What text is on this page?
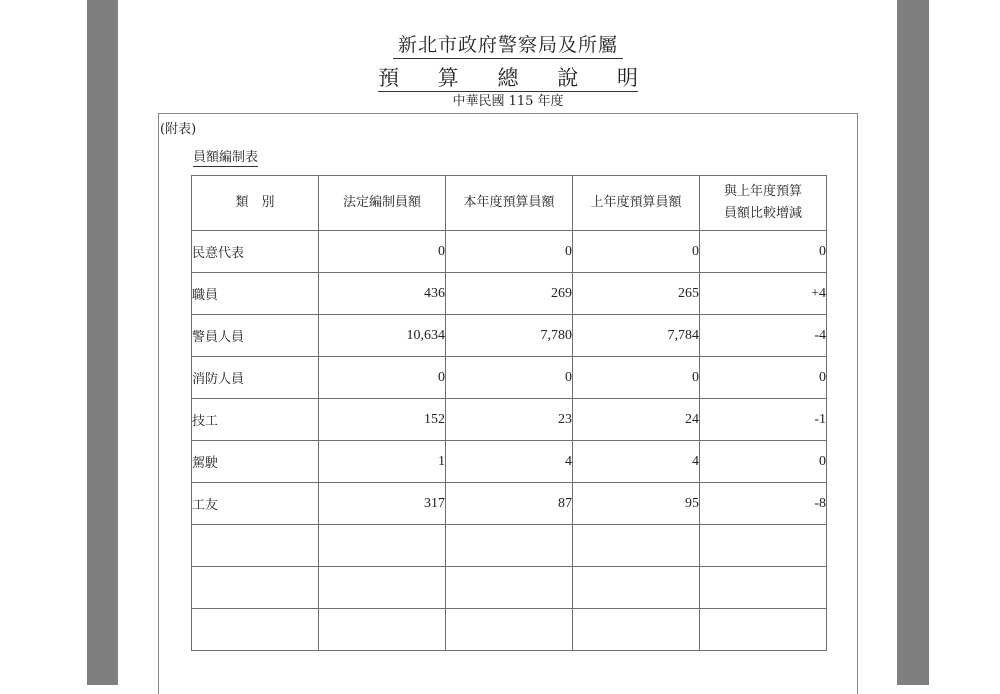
新北市政府警察局及所屬
預 算 總 說 明
中華民國 115 年度
(附表)
員額編制表
類　別	法定編制員額	本年度預算員額	上年度預算員額	與上年度預算
員額比較增減

民意代表	0	0	0	0
職員	436	269	265	+4
警員人員	10,634	7,780	7,784	-4
消防人員	0	0	0	0
技工	152	23	24	-1
駕駛	1	4	4	0
工友	317	87	95	-8
